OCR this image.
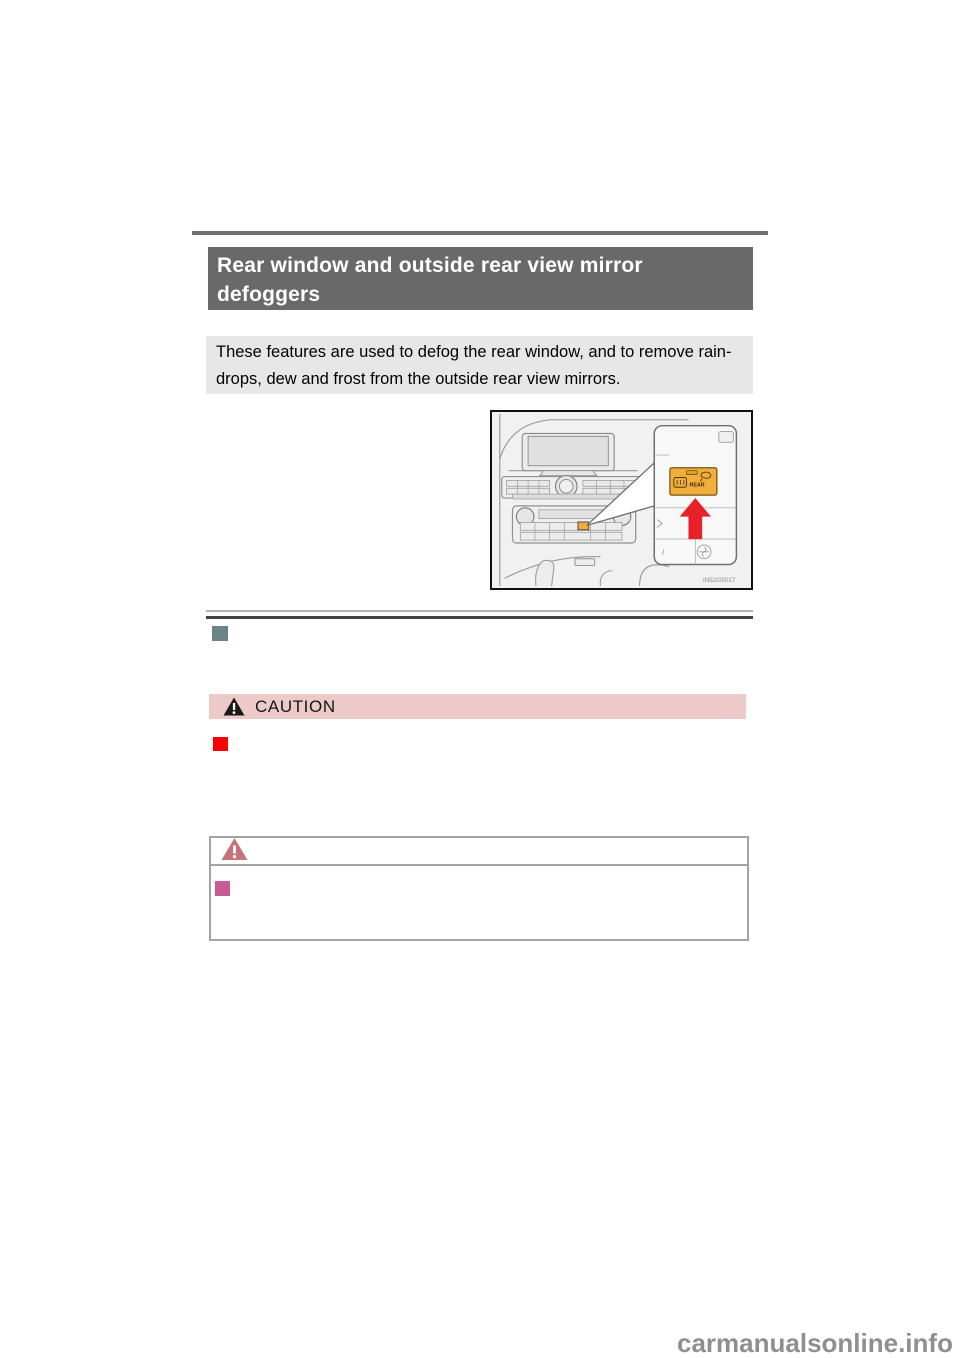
Rear window and outside rear view mirror
defoggers
These features are used to defog the rear window, and to remove rain-
drops, dew and frost from the outside rear view mirrors.
i
REAR
IN52G5017
CAUTION
carmanualsonline.info
